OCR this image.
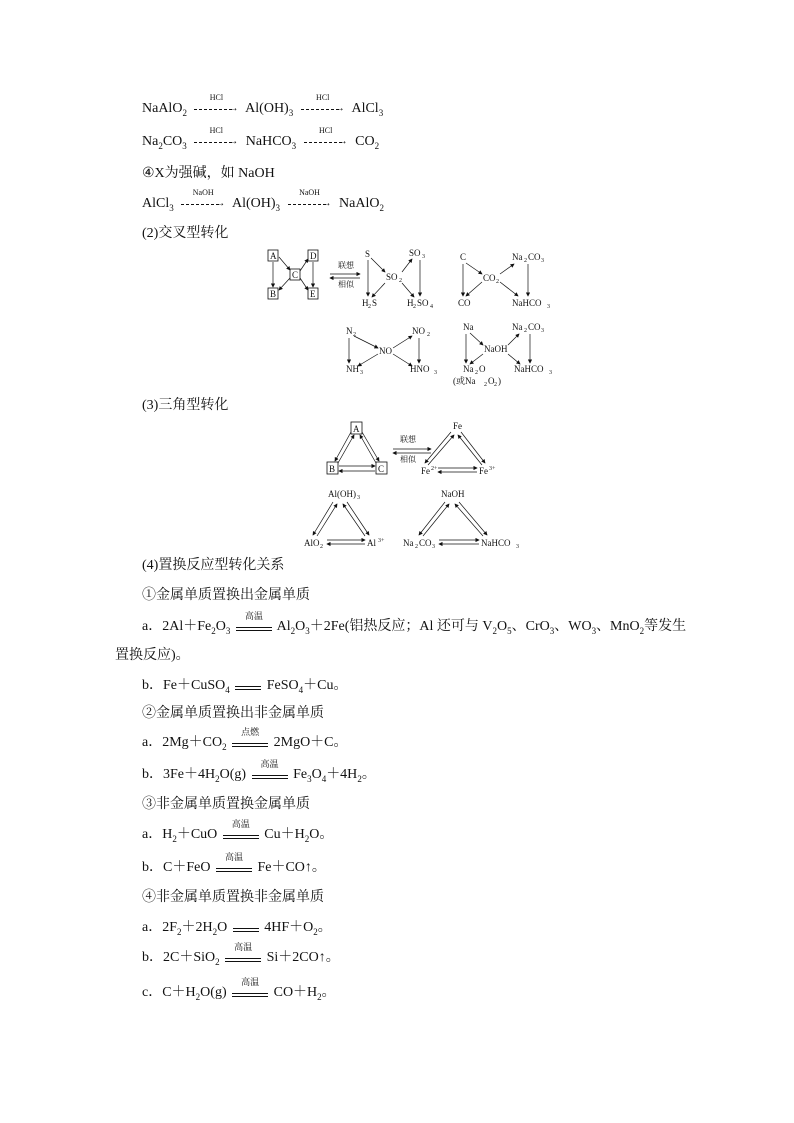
NaAlO$_2$
HCl
→ $Al(OH)_3$
HCl
→ AlCl$_3$
$Na_2CO_3$
HCl
→ NaHCO$_3$
HCl
→ $CO_2$
④X为强碱，如 NaOH
AlCl$_3$
NaOH
→ $Al(OH)_3$
NaOH
→ NaAlO$_2$
(2)交叉型转化
A
B
C
D
E
联想
相似
S	SO 3
SO 2
H 2 S	H 2 SO 4
C
CO 2
Na 2 CO 3
CO	NaHCO 3
N 2	NO 2
NO
NH 3	HNO 3
Na	Na 2 CO 3
NaOH
Na 2 O
(或Na 2 O 2 )
NaHCO 3
(3)三角型转化
A
B	C
联想
相似
Fe
Fe 2+	Fe 3+
Al(OH) 3
AlO 2	Al 3+
NaOH
Na 2 CO 3	NaHCO 3
(4)置换反应型转化关系
①金属单质置换出金属单质
a．$2Al+Fe_2O_3$
高温
$Al_2O_3+2Fe$(铝热反应；Al 还可与 $V_2O_5$、CrO$_3$、$WO_3$、MnO$_2$等发生
置换反应)。
b．Fe＋CuSO$_4$	FeSO$_4$＋Cu。
②金属单质置换出非金属单质
a．$2Mg+CO_2$
点燃
2MgO＋C。
b．$3Fe+4H_2O(g)$
高温
$Fe_3O_4+4H_2$。
③非金属单质置换金属单质
a．$H_2+CuO$
高温
$Cu+H_2O$。
b．C＋FeO
高温
Fe＋CO↑。
④非金属单质置换非金属单质
a．$2F_2+2H_2O$	$4HF+O_2$。
b．2C＋SiO$_2$
高温
Si＋2CO↑。
c．$C+H_2O(g)$
高温
$CO+H_2$。
